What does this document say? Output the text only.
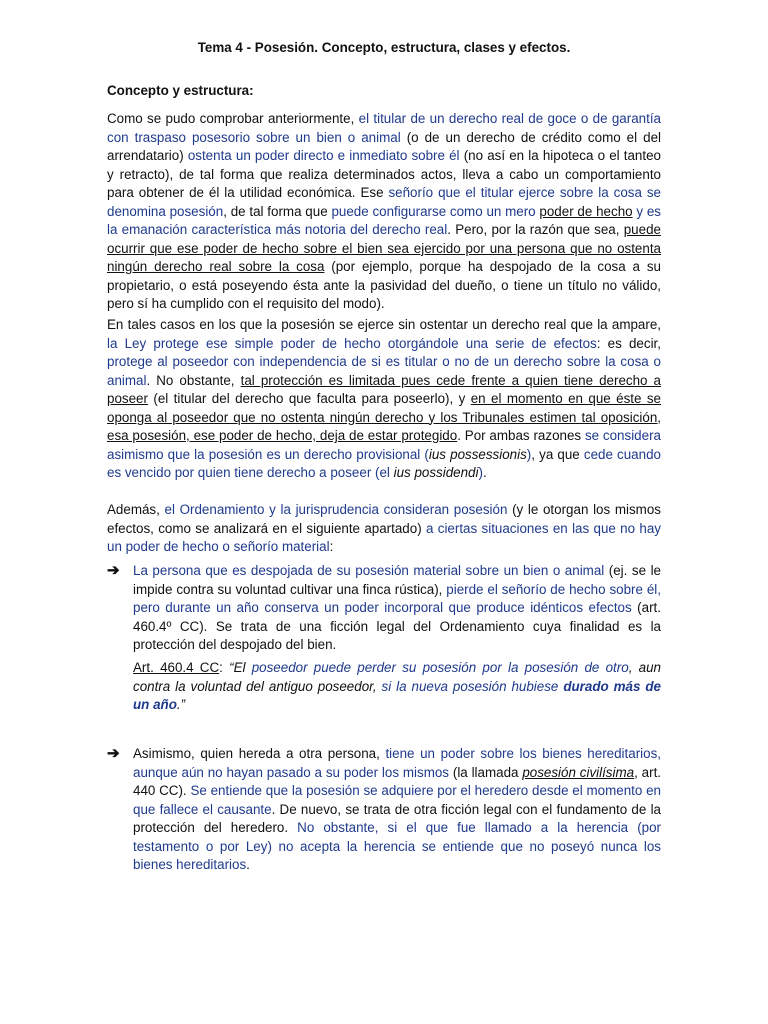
Tema 4 - Posesión. Concepto, estructura, clases y efectos.
Concepto y estructura:
Como se pudo comprobar anteriormente, el titular de un derecho real de goce o de garantía con traspaso posesorio sobre un bien o animal (o de un derecho de crédito como el del arrendatario) ostenta un poder directo e inmediato sobre él (no así en la hipoteca o el tanteo y retracto), de tal forma que realiza determinados actos, lleva a cabo un comportamiento para obtener de él la utilidad económica. Ese señorío que el titular ejerce sobre la cosa se denomina posesión, de tal forma que puede configurarse como un mero poder de hecho y es la emanación característica más notoria del derecho real. Pero, por la razón que sea, puede ocurrir que ese poder de hecho sobre el bien sea ejercido por una persona que no ostenta ningún derecho real sobre la cosa (por ejemplo, porque ha despojado de la cosa a su propietario, o está poseyendo ésta ante la pasividad del dueño, o tiene un título no válido, pero sí ha cumplido con el requisito del modo).
En tales casos en los que la posesión se ejerce sin ostentar un derecho real que la ampare, la Ley protege ese simple poder de hecho otorgándole una serie de efectos: es decir, protege al poseedor con independencia de si es titular o no de un derecho sobre la cosa o animal. No obstante, tal protección es limitada pues cede frente a quien tiene derecho a poseer (el titular del derecho que faculta para poseerlo), y en el momento en que éste se oponga al poseedor que no ostenta ningún derecho y los Tribunales estimen tal oposición, esa posesión, ese poder de hecho, deja de estar protegido. Por ambas razones se considera asimismo que la posesión es un derecho provisional (ius possessionis), ya que cede cuando es vencido por quien tiene derecho a poseer (el ius possidendi).
Además, el Ordenamiento y la jurisprudencia consideran posesión (y le otorgan los mismos efectos, como se analizará en el siguiente apartado) a ciertas situaciones en las que no hay un poder de hecho o señorío material:
➔	La persona que es despojada de su posesión material sobre un bien o animal (ej. se le impide contra su voluntad cultivar una finca rústica), pierde el señorío de hecho sobre él, pero durante un año conserva un poder incorporal que produce idénticos efectos (art. 460.4º CC). Se trata de una ficción legal del Ordenamiento cuya finalidad es la protección del despojado del bien.
Art. 460.4 CC: “El poseedor puede perder su posesión por la posesión de otro, aun contra la voluntad del antiguo poseedor, si la nueva posesión hubiese durado más de un año.”
➔	Asimismo, quien hereda a otra persona, tiene un poder sobre los bienes hereditarios, aunque aún no hayan pasado a su poder los mismos (la llamada posesión civilísima, art. 440 CC). Se entiende que la posesión se adquiere por el heredero desde el momento en que fallece el causante. De nuevo, se trata de otra ficción legal con el fundamento de la protección del heredero. No obstante, si el que fue llamado a la herencia (por testamento o por Ley) no acepta la herencia se entiende que no poseyó nunca los bienes hereditarios.
